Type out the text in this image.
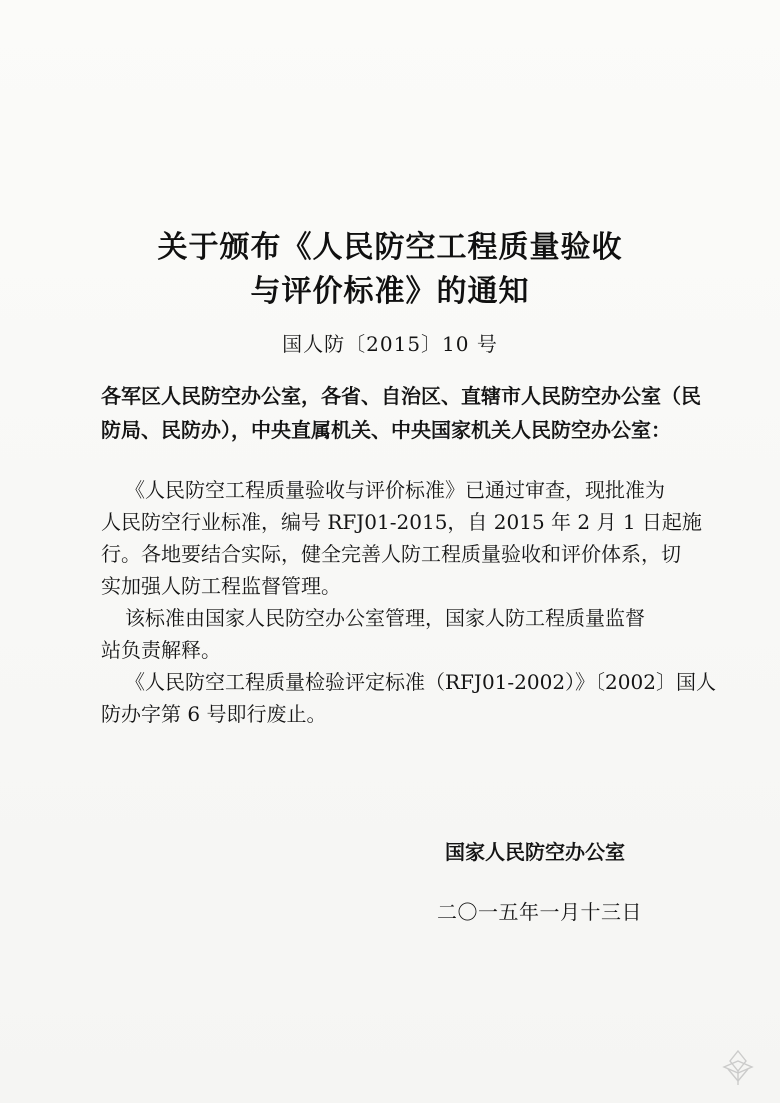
关于颁布《人民防空工程质量验收
与评价标准》的通知
国人防〔2015〕10 号
各军区人民防空办公室，各省、自治区、直辖市人民防空办公室（民
防局、民防办），中央直属机关、中央国家机关人民防空办公室：
《人民防空工程质量验收与评价标准》已通过审查，现批准为
人民防空行业标准，编号 RFJ01-2015，自 2015 年 2 月 1 日起施
行。各地要结合实际，健全完善人防工程质量验收和评价体系，切
实加强人防工程监督管理。
该标准由国家人民防空办公室管理，国家人防工程质量监督
站负责解释。
《人民防空工程质量检验评定标准（RFJ01-2002）》〔2002〕国人
防办字第 6 号即行废止。
国家人民防空办公室
二〇一五年一月十三日
